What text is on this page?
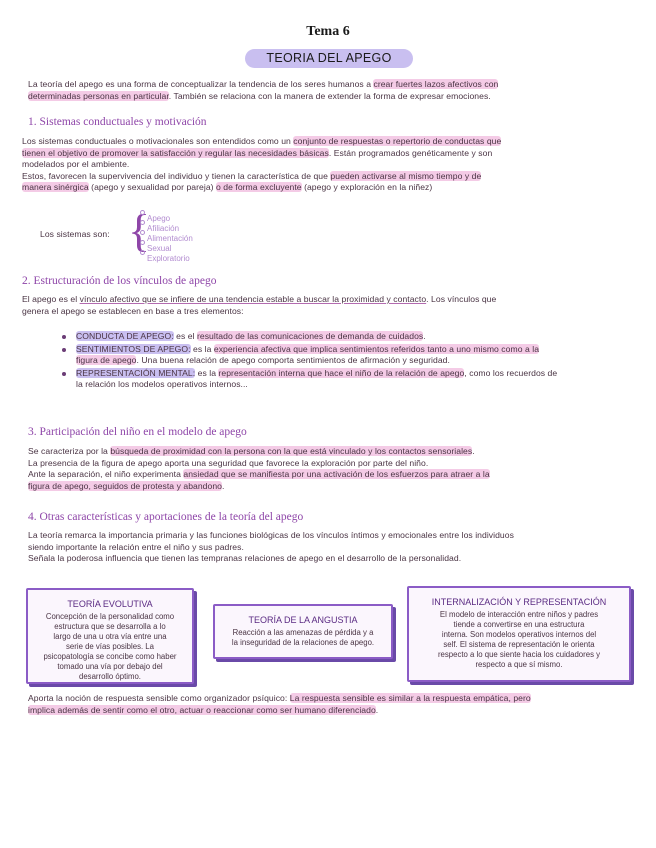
Tema 6
TEORIA DEL APEGO
La teoría del apego es una forma de conceptualizar la tendencia de los seres humanos a crear fuertes lazos afectivos con
determinadas personas en particular. También se relaciona con la manera de extender la forma de expresar emociones.
1. Sistemas conductuales y motivación
Los sistemas conductuales o motivacionales son entendidos como un conjunto de respuestas o repertorio de conductas que
tienen el objetivo de promover la satisfacción y regular las necesidades básicas. Están programados genéticamente y son
modelados por el ambiente.
Estos, favorecen la supervivencia del individuo y tienen la característica de que pueden activarse al mismo tiempo y de
manera sinérgica (apego y sexualidad por pareja) o de forma excluyente (apego y exploración en la niñez)
Los sistemas son: {
Apego
Afiliación
Alimentación
Sexual
Exploratorio
2. Estructuración de los vínculos de apego
El apego es el vínculo afectivo que se infiere de una tendencia estable a buscar la proximidad y contacto. Los vínculos que
genera el apego se establecen en base a tres elementos:
CONDUCTA DE APEGO: es el resultado de las comunicaciones de demanda de cuidados.
SENTIMIENTOS DE APEGO: es la experiencia afectiva que implica sentimientos referidos tanto a uno mismo como a la
figura de apego. Una buena relación de apego comporta sentimientos de afirmación y seguridad.
REPRESENTACIÓN MENTAL: es la representación interna que hace el niño de la relación de apego, como los recuerdos de
la relación los modelos operativos internos...
3. Participación del niño en el modelo de apego
Se caracteriza por la búsqueda de proximidad con la persona con la que está vinculado y los contactos sensoriales.
La presencia de la figura de apego aporta una seguridad que favorece la exploración por parte del niño.
Ante la separación, el niño experimenta ansiedad que se manifiesta por una activación de los esfuerzos para atraer a la
figura de apego, seguidos de protesta y abandono.
4. Otras características y aportaciones de la teoría del apego
La teoría remarca la importancia primaria y las funciones biológicas de los vínculos íntimos y emocionales entre los individuos
siendo importante la relación entre el niño y sus padres.
Señala la poderosa influencia que tienen las tempranas relaciones de apego en el desarrollo de la personalidad.
TEORÍA EVOLUTIVA
Concepción de la personalidad como
estructura que se desarrolla a lo
largo de una u otra vía entre una
serie de vías posibles. La
psicopatología se concibe como haber
tomado una vía por debajo del
desarrollo óptimo.
TEORÍA DE LA ANGUSTIA
Reacción a las amenazas de pérdida y a
la inseguridad de la relaciones de apego.
INTERNALIZACIÓN Y REPRESENTACIÓN
El modelo de interacción entre niños y padres
tiende a convertirse en una estructura
interna. Son modelos operativos internos del
self. El sistema de representación le orienta
respecto a lo que siente hacia los cuidadores y
respecto a que sí mismo.
Aporta la noción de respuesta sensible como organizador psíquico: La respuesta sensible es similar a la respuesta empática, pero
implica además de sentir como el otro, actuar o reaccionar como ser humano diferenciado.
